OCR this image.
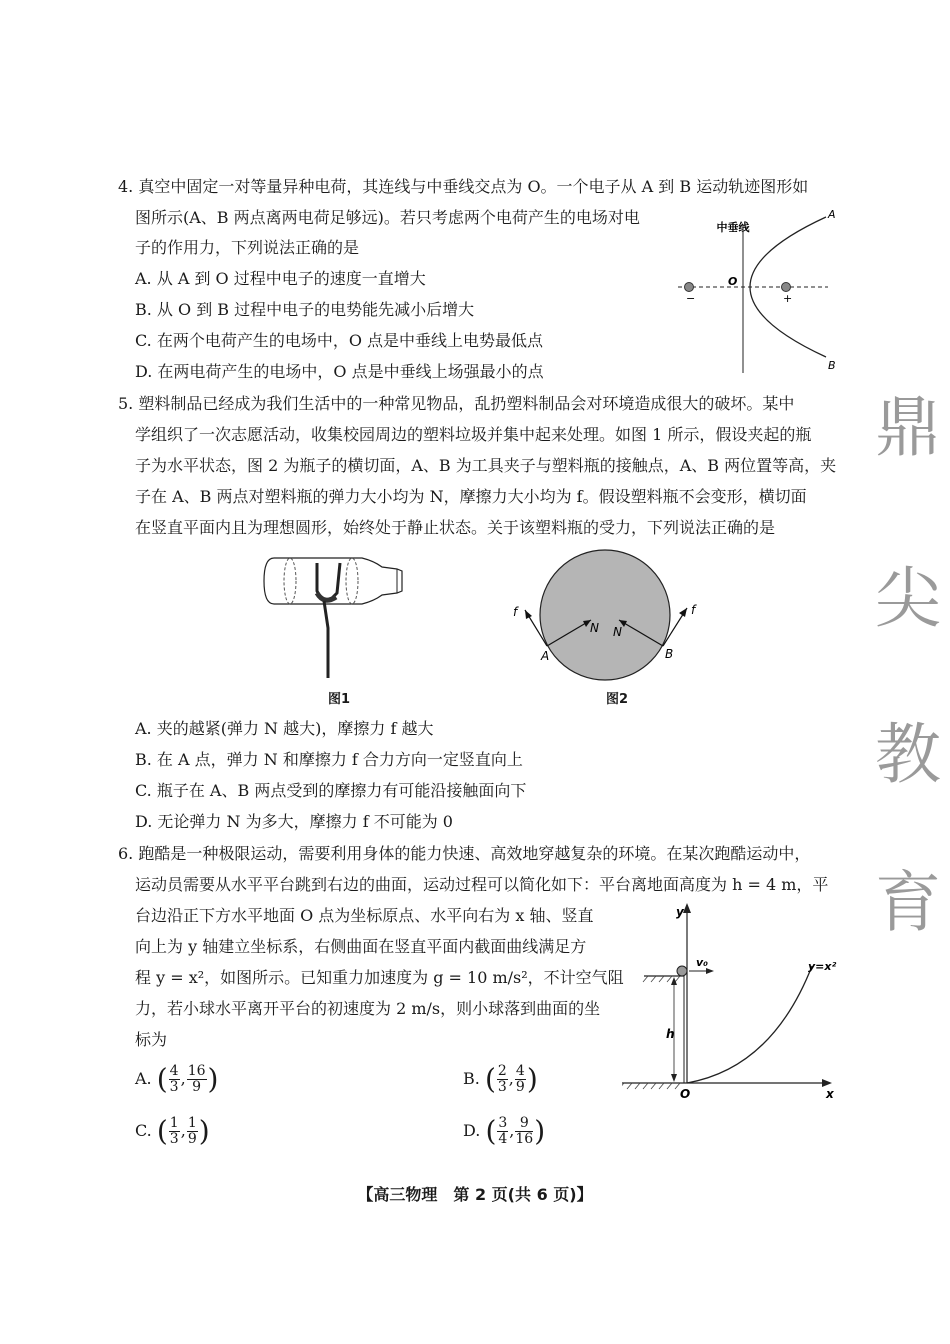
4. 真空中固定一对等量异种电荷，其连线与中垂线交点为 O。一个电子从 A 到 B 运动轨迹图形如
图所示(A、B 两点离两电荷足够远)。若只考虑两个电荷产生的电场对电
子的作用力，下列说法正确的是
A. 从 A 到 O 过程中电子的速度一直增大
B. 从 O 到 B 过程中电子的电势能先减小后增大
C. 在两个电荷产生的电场中，O 点是中垂线上电势最低点
D. 在两电荷产生的电场中，O 点是中垂线上场强最小的点
中垂线
A
B
O
−	+
5. 塑料制品已经成为我们生活中的一种常见物品，乱扔塑料制品会对环境造成很大的破坏。某中
学组织了一次志愿活动，收集校园周边的塑料垃圾并集中起来处理。如图 1 所示，假设夹起的瓶
子为水平状态，图 2 为瓶子的横切面，A、B 为工具夹子与塑料瓶的接触点，A、B 两位置等高，夹
子在 A、B 两点对塑料瓶的弹力大小均为 N，摩擦力大小均为 f。假设塑料瓶不会变形，横切面
在竖直平面内且为理想圆形，始终处于静止状态。关于该塑料瓶的受力，下列说法正确的是
图1
f	f
N N
A	B
图2
A. 夹的越紧(弹力 N 越大)，摩擦力 f 越大
B. 在 A 点，弹力 N 和摩擦力 f 合力方向一定竖直向上
C. 瓶子在 A、B 两点受到的摩擦力有可能沿接触面向下
D. 无论弹力 N 为多大，摩擦力 f 不可能为 0
6. 跑酷是一种极限运动，需要利用身体的能力快速、高效地穿越复杂的环境。在某次跑酷运动中，
运动员需要从水平平台跳到右边的曲面，运动过程可以简化如下：平台离地面高度为 h = 4 m，平
台边沿正下方水平地面 O 点为坐标原点、水平向右为 x 轴、竖直
向上为 y 轴建立坐标系，右侧曲面在竖直平面内截面曲线满足方
程 y = x²，如图所示。已知重力加速度为 g = 10 m/s²，不计空气阻
力，若小球水平离开平台的初速度为 2 m/s，则小球落到曲面的坐
标为
A. ( $\frac{4}{3}$ , $\frac{16}{9}$ )	B. ( $\frac{2}{3}$ , $\frac{4}{9}$ )
C. ( $\frac{1}{3}$ , $\frac{1}{9}$ )	D. ( $\frac{3}{4}$ , $\frac{9}{16}$ )
y
x
O
h
v₀	y=x²
鼎
尖
教
育
【高三物理　第 2 页(共 6 页)】
